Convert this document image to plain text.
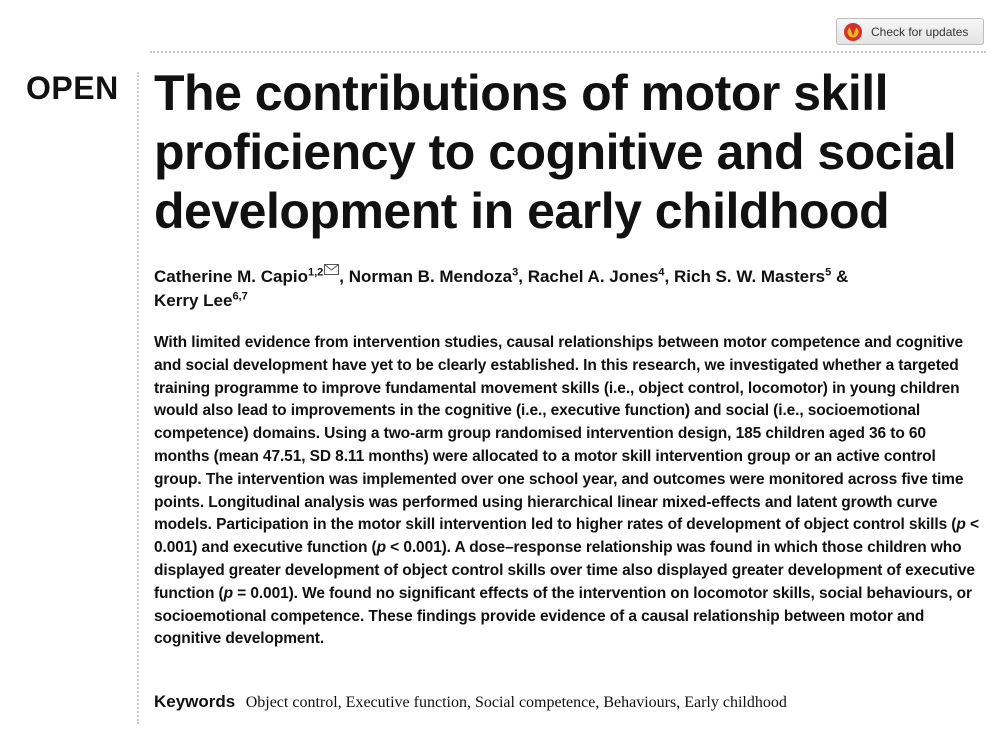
Check for updates
OPEN The contributions of motor skill proficiency to cognitive and social development in early childhood
Catherine M. Capio$^{1,2}$ , Norman B. Mendoza$^3$, Rachel A. Jones$^4$, Rich S. W. Masters$^5$ &
Kerry Lee$^{6,7}$

With limited evidence from intervention studies, causal relationships between motor competence and cognitive and social development have yet to be clearly established. In this research, we investigated whether a targeted training programme to improve fundamental movement skills (i.e., object control, locomotor) in young children would also lead to improvements in the cognitive (i.e., executive function) and social (i.e., socioemotional competence) domains. Using a two-arm group randomised intervention design, 185 children aged 36 to 60 months (mean 47.51, SD 8.11 months) were allocated to a motor skill intervention group or an active control group. The intervention was implemented over one school year, and outcomes were monitored across five time points. Longitudinal analysis was performed using hierarchical linear mixed-effects and latent growth curve models. Participation in the motor skill intervention led to higher rates of development of object control skills (p < 0.001) and executive function (p < 0.001). A dose–response relationship was found in which those children who displayed greater development of object control skills over time also displayed greater development of executive function (p = 0.001). We found no significant effects of the intervention on locomotor skills, social behaviours, or socioemotional competence. These findings provide evidence of a causal relationship between motor and cognitive development.

Keywords Object control, Executive function, Social competence, Behaviours, Early childhood
